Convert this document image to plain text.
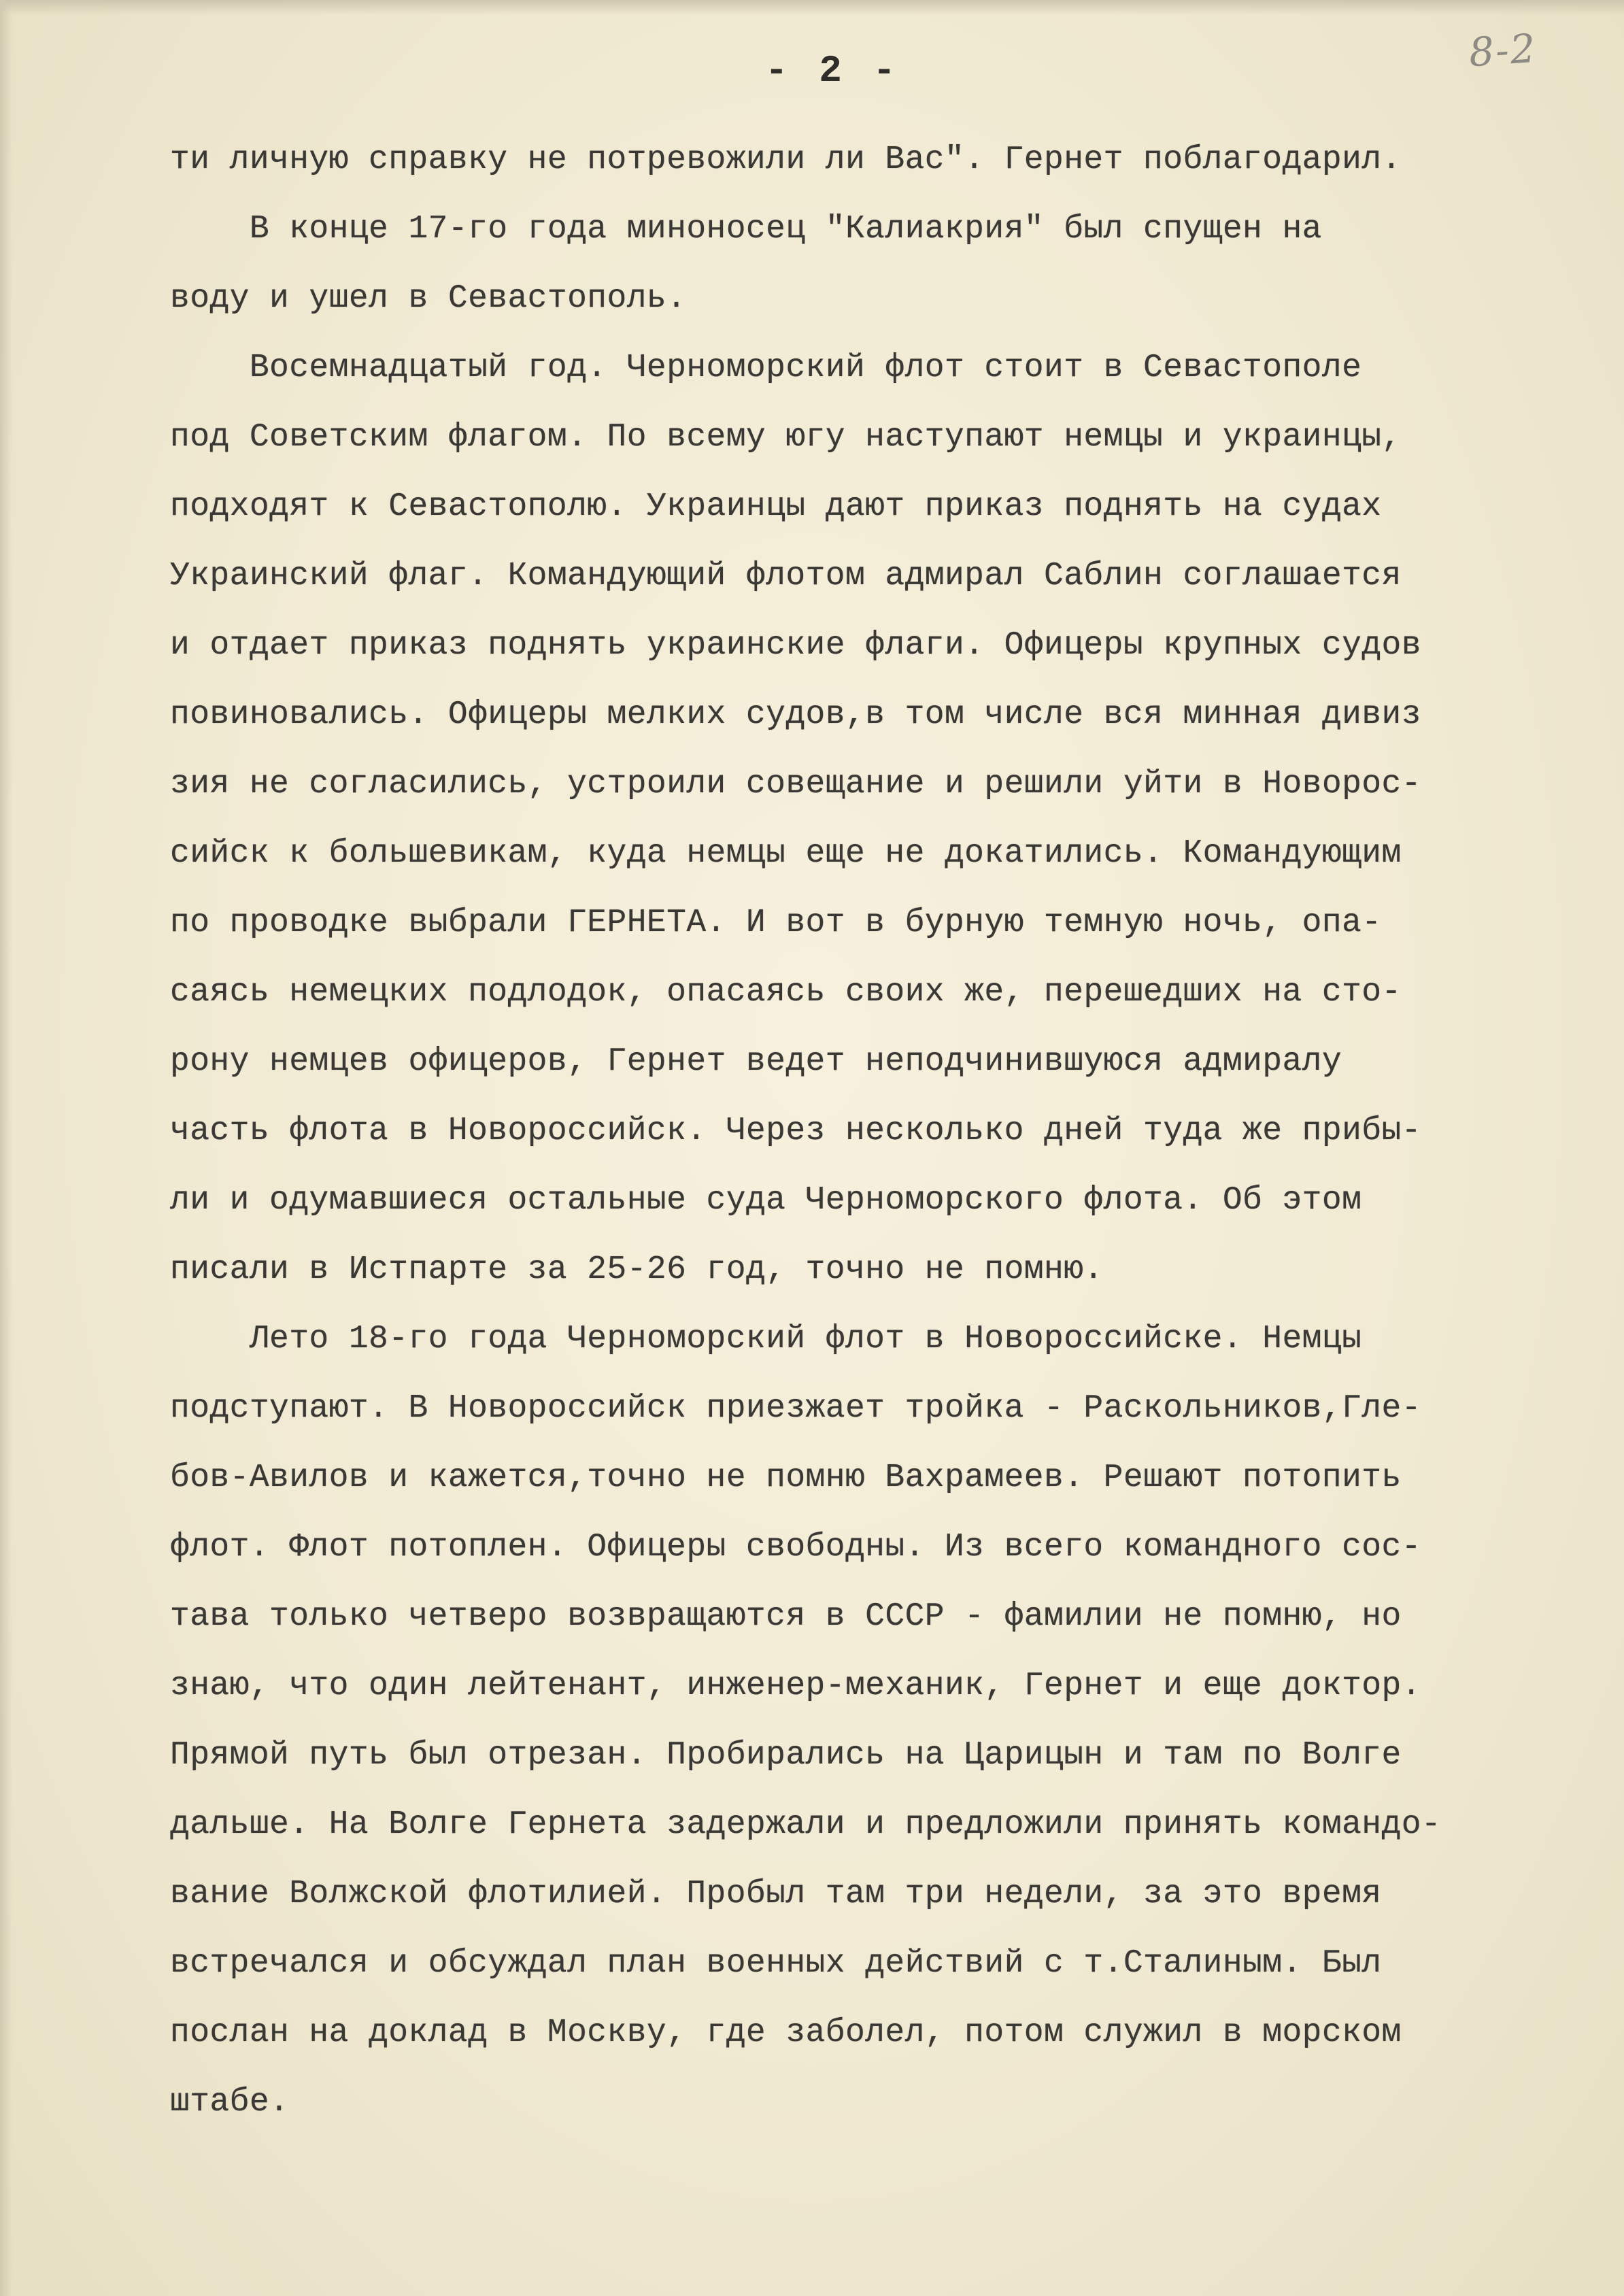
8-2
- 2 -
ти личную справку не потревожили ли Вас". Гернет поблагодарил.
В конце 17-го года миноносец "Калиакрия" был спущен на
воду и ушел в Севастополь.
Восемнадцатый год. Черноморский флот стоит в Севастополе
под Советским флагом. По всему югу наступают немцы и украинцы,
подходят к Севастополю. Украинцы дают приказ поднять на судах
Украинский флаг. Командующий флотом адмирал Саблин соглашается
и отдает приказ поднять украинские флаги. Офицеры крупных судов
повиновались. Офицеры мелких судов,в том числе вся минная дивиз
зия не согласились, устроили совещание и решили уйти в Новорос-
сийск к большевикам, куда немцы еще не докатились. Командующим
по проводке выбрали ГЕРНЕТА. И вот в бурную темную ночь, опа-
саясь немецких подлодок, опасаясь своих же, перешедших на сто-
рону немцев офицеров, Гернет ведет неподчинившуюся адмиралу
часть флота в Новороссийск. Через несколько дней туда же прибы-
ли и одумавшиеся остальные суда Черноморского флота. Об этом
писали в Истпарте за 25-26 год, точно не помню.
Лето 18-го года Черноморский флот в Новороссийске. Немцы
подступают. В Новороссийск приезжает тройка - Раскольников,Гле-
бов-Авилов и кажется,точно не помню Вахрамеев. Решают потопить
флот. Флот потоплен. Офицеры свободны. Из всего командного сос-
тава только четверо возвращаются в СССР - фамилии не помню, но
знаю, что один лейтенант, инженер-механик, Гернет и еще доктор.
Прямой путь был отрезан. Пробирались на Царицын и там по Волге
дальше. На Волге Гернета задержали и предложили принять командо-
вание Волжской флотилией. Пробыл там три недели, за это время
встречался и обсуждал план военных действий с т.Сталиным. Был
послан на доклад в Москву, где заболел, потом служил в морском
штабе.
